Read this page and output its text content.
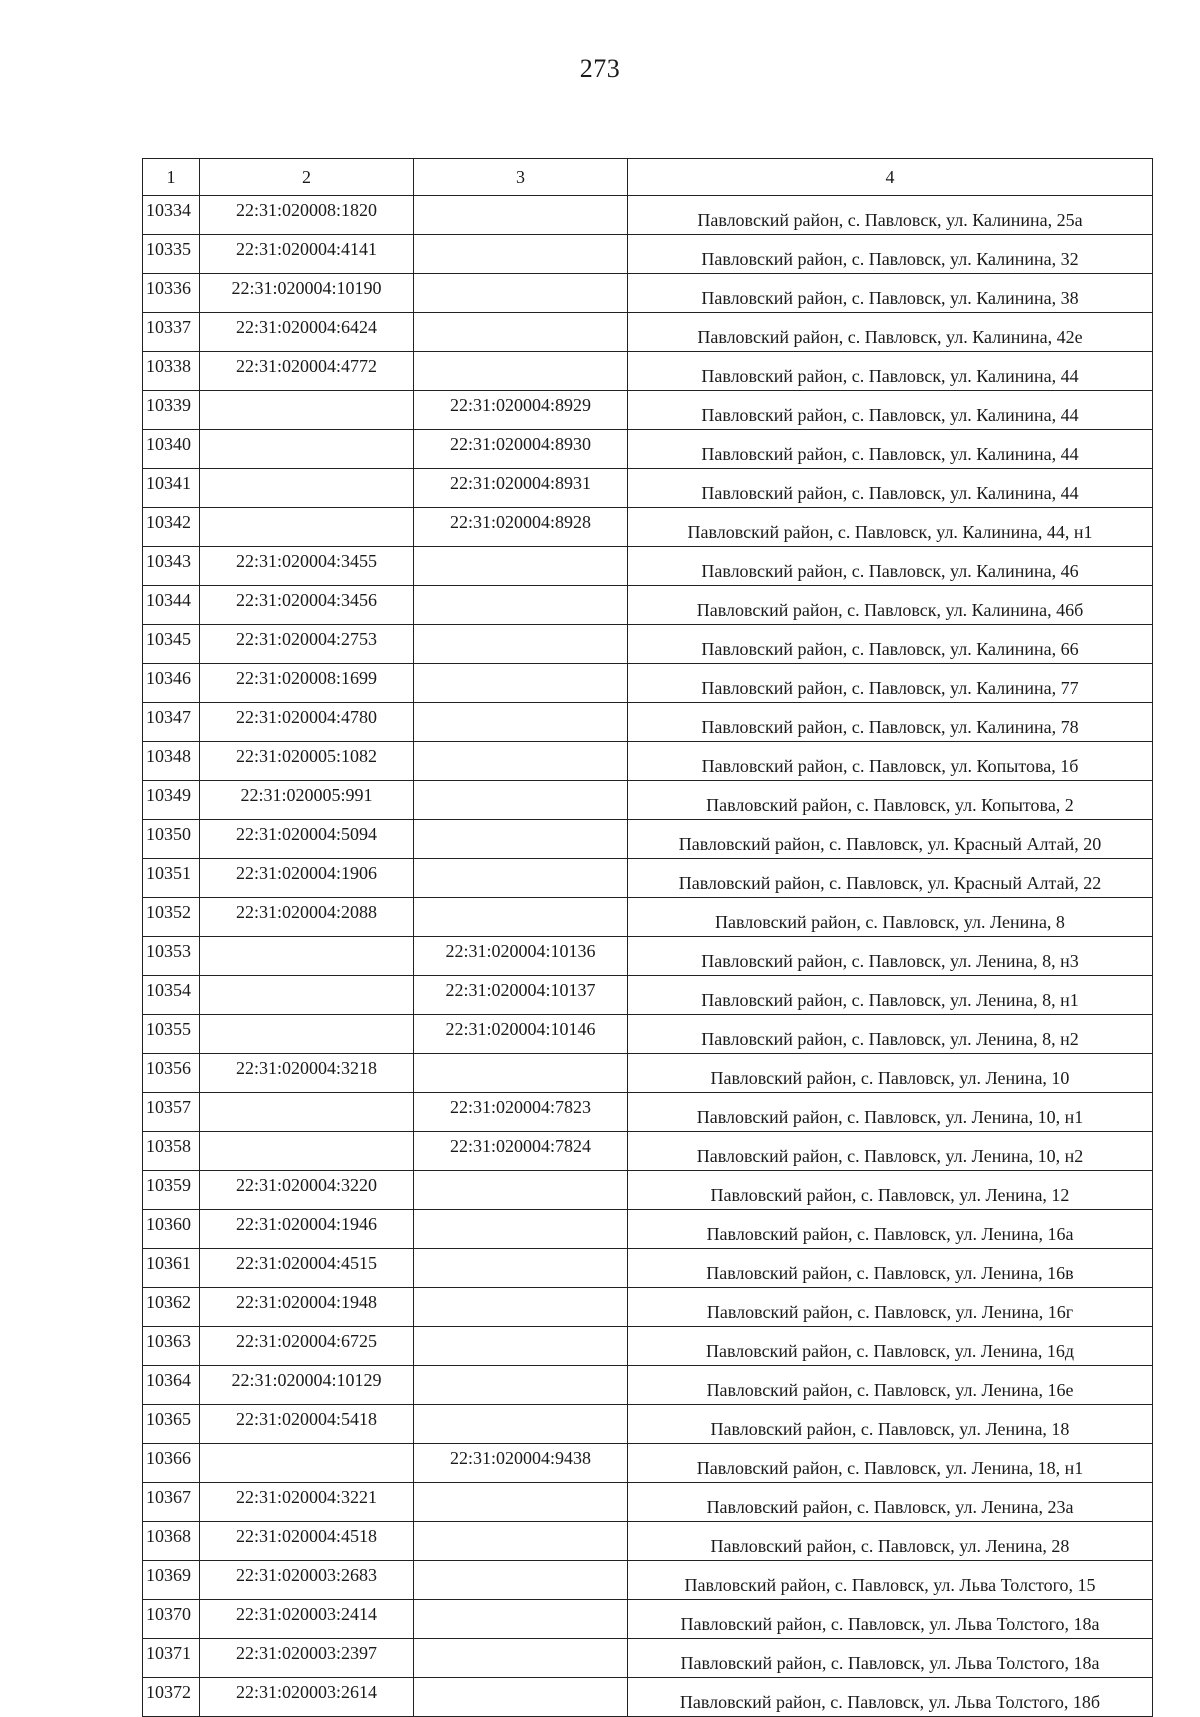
273
1	2	3	4
10334	22:31:020008:1820		Павловский район, с. Павловск, ул. Калинина, 25а
10335	22:31:020004:4141		Павловский район, с. Павловск, ул. Калинина, 32
10336	22:31:020004:10190		Павловский район, с. Павловск, ул. Калинина, 38
10337	22:31:020004:6424		Павловский район, с. Павловск, ул. Калинина, 42е
10338	22:31:020004:4772		Павловский район, с. Павловск, ул. Калинина, 44
10339		22:31:020004:8929	Павловский район, с. Павловск, ул. Калинина, 44
10340		22:31:020004:8930	Павловский район, с. Павловск, ул. Калинина, 44
10341		22:31:020004:8931	Павловский район, с. Павловск, ул. Калинина, 44
10342		22:31:020004:8928	Павловский район, с. Павловск, ул. Калинина, 44, н1
10343	22:31:020004:3455		Павловский район, с. Павловск, ул. Калинина, 46
10344	22:31:020004:3456		Павловский район, с. Павловск, ул. Калинина, 46б
10345	22:31:020004:2753		Павловский район, с. Павловск, ул. Калинина, 66
10346	22:31:020008:1699		Павловский район, с. Павловск, ул. Калинина, 77
10347	22:31:020004:4780		Павловский район, с. Павловск, ул. Калинина, 78
10348	22:31:020005:1082		Павловский район, с. Павловск, ул. Копытова, 1б
10349	22:31:020005:991		Павловский район, с. Павловск, ул. Копытова, 2
10350	22:31:020004:5094		Павловский район, с. Павловск, ул. Красный Алтай, 20
10351	22:31:020004:1906		Павловский район, с. Павловск, ул. Красный Алтай, 22
10352	22:31:020004:2088		Павловский район, с. Павловск, ул. Ленина, 8
10353		22:31:020004:10136	Павловский район, с. Павловск, ул. Ленина, 8, н3
10354		22:31:020004:10137	Павловский район, с. Павловск, ул. Ленина, 8, н1
10355		22:31:020004:10146	Павловский район, с. Павловск, ул. Ленина, 8, н2
10356	22:31:020004:3218		Павловский район, с. Павловск, ул. Ленина, 10
10357		22:31:020004:7823	Павловский район, с. Павловск, ул. Ленина, 10, н1
10358		22:31:020004:7824	Павловский район, с. Павловск, ул. Ленина, 10, н2
10359	22:31:020004:3220		Павловский район, с. Павловск, ул. Ленина, 12
10360	22:31:020004:1946		Павловский район, с. Павловск, ул. Ленина, 16а
10361	22:31:020004:4515		Павловский район, с. Павловск, ул. Ленина, 16в
10362	22:31:020004:1948		Павловский район, с. Павловск, ул. Ленина, 16г
10363	22:31:020004:6725		Павловский район, с. Павловск, ул. Ленина, 16д
10364	22:31:020004:10129		Павловский район, с. Павловск, ул. Ленина, 16е
10365	22:31:020004:5418		Павловский район, с. Павловск, ул. Ленина, 18
10366		22:31:020004:9438	Павловский район, с. Павловск, ул. Ленина, 18, н1
10367	22:31:020004:3221		Павловский район, с. Павловск, ул. Ленина, 23а
10368	22:31:020004:4518		Павловский район, с. Павловск, ул. Ленина, 28
10369	22:31:020003:2683		Павловский район, с. Павловск, ул. Льва Толстого, 15
10370	22:31:020003:2414		Павловский район, с. Павловск, ул. Льва Толстого, 18а
10371	22:31:020003:2397		Павловский район, с. Павловск, ул. Льва Толстого, 18а
10372	22:31:020003:2614		Павловский район, с. Павловск, ул. Льва Толстого, 18б
